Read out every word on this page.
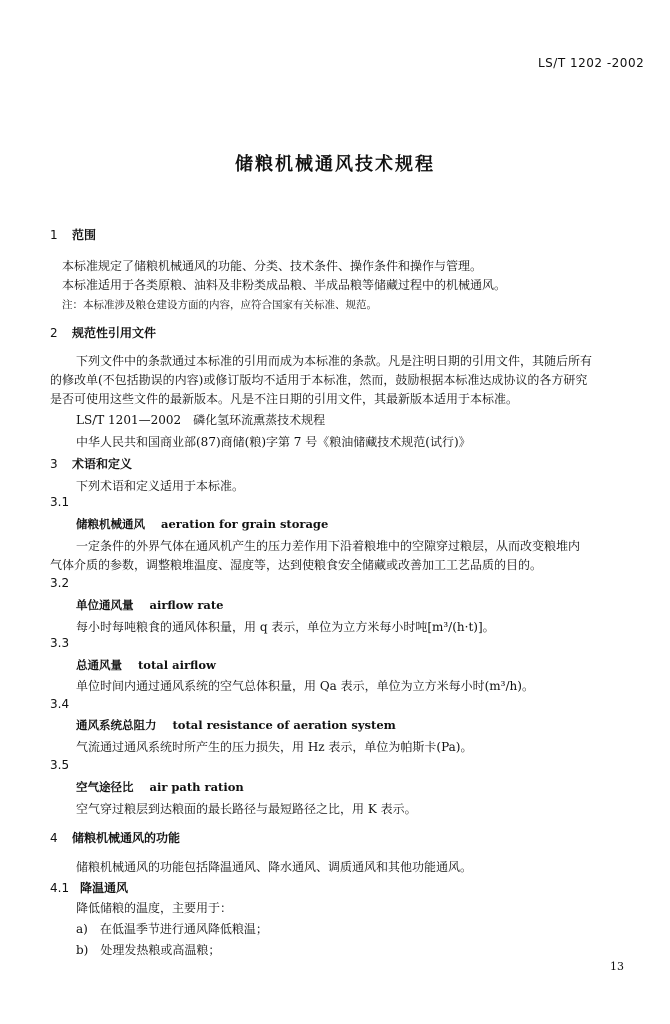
LS/T 1202 -2002
储粮机械通风技术规程
1 范围
本标准规定了储粮机械通风的功能、分类、技术条件、操作条件和操作与管理。
本标准适用于各类原粮、油料及非粉类成品粮、半成品粮等储藏过程中的机械通风。
注：本标准涉及粮仓建设方面的内容，应符合国家有关标准、规范。
2 规范性引用文件
下列文件中的条款通过本标准的引用而成为本标准的条款。凡是注明日期的引用文件，其随后所有
的修改单(不包括勘误的内容)或修订版均不适用于本标准，然而，鼓励根据本标准达成协议的各方研究
是否可使用这些文件的最新版本。凡是不注日期的引用文件，其最新版本适用于本标准。
LS/T 1201—2002　磷化氢环流熏蒸技术规程
中华人民共和国商业部(87)商储(粮)字第 7 号《粮油储藏技术规范(试行)》
3 术语和定义
下列术语和定义适用于本标准。
3.1
储粮机械通风 aeration for grain storage
一定条件的外界气体在通风机产生的压力差作用下沿着粮堆中的空隙穿过粮层，从而改变粮堆内
气体介质的参数，调整粮堆温度、湿度等，达到使粮食安全储藏或改善加工工艺品质的目的。
3.2
单位通风量 airflow rate
每小时每吨粮食的通风体积量，用 q 表示，单位为立方米每小时吨[m³/(h·t)]。
3.3
总通风量 total airflow
单位时间内通过通风系统的空气总体积量，用 Qa 表示，单位为立方米每小时(m³/h)。
3.4
通风系统总阻力 total resistance of aeration system
气流通过通风系统时所产生的压力损失，用 Hz 表示，单位为帕斯卡(Pa)。
3.5
空气途径比 air path ration
空气穿过粮层到达粮面的最长路径与最短路径之比，用 K 表示。
4 储粮机械通风的功能
储粮机械通风的功能包括降温通风、降水通风、调质通风和其他功能通风。
4.1 降温通风
降低储粮的温度，主要用于：
a)　在低温季节进行通风降低粮温；
b)　处理发热粮或高温粮；
13
